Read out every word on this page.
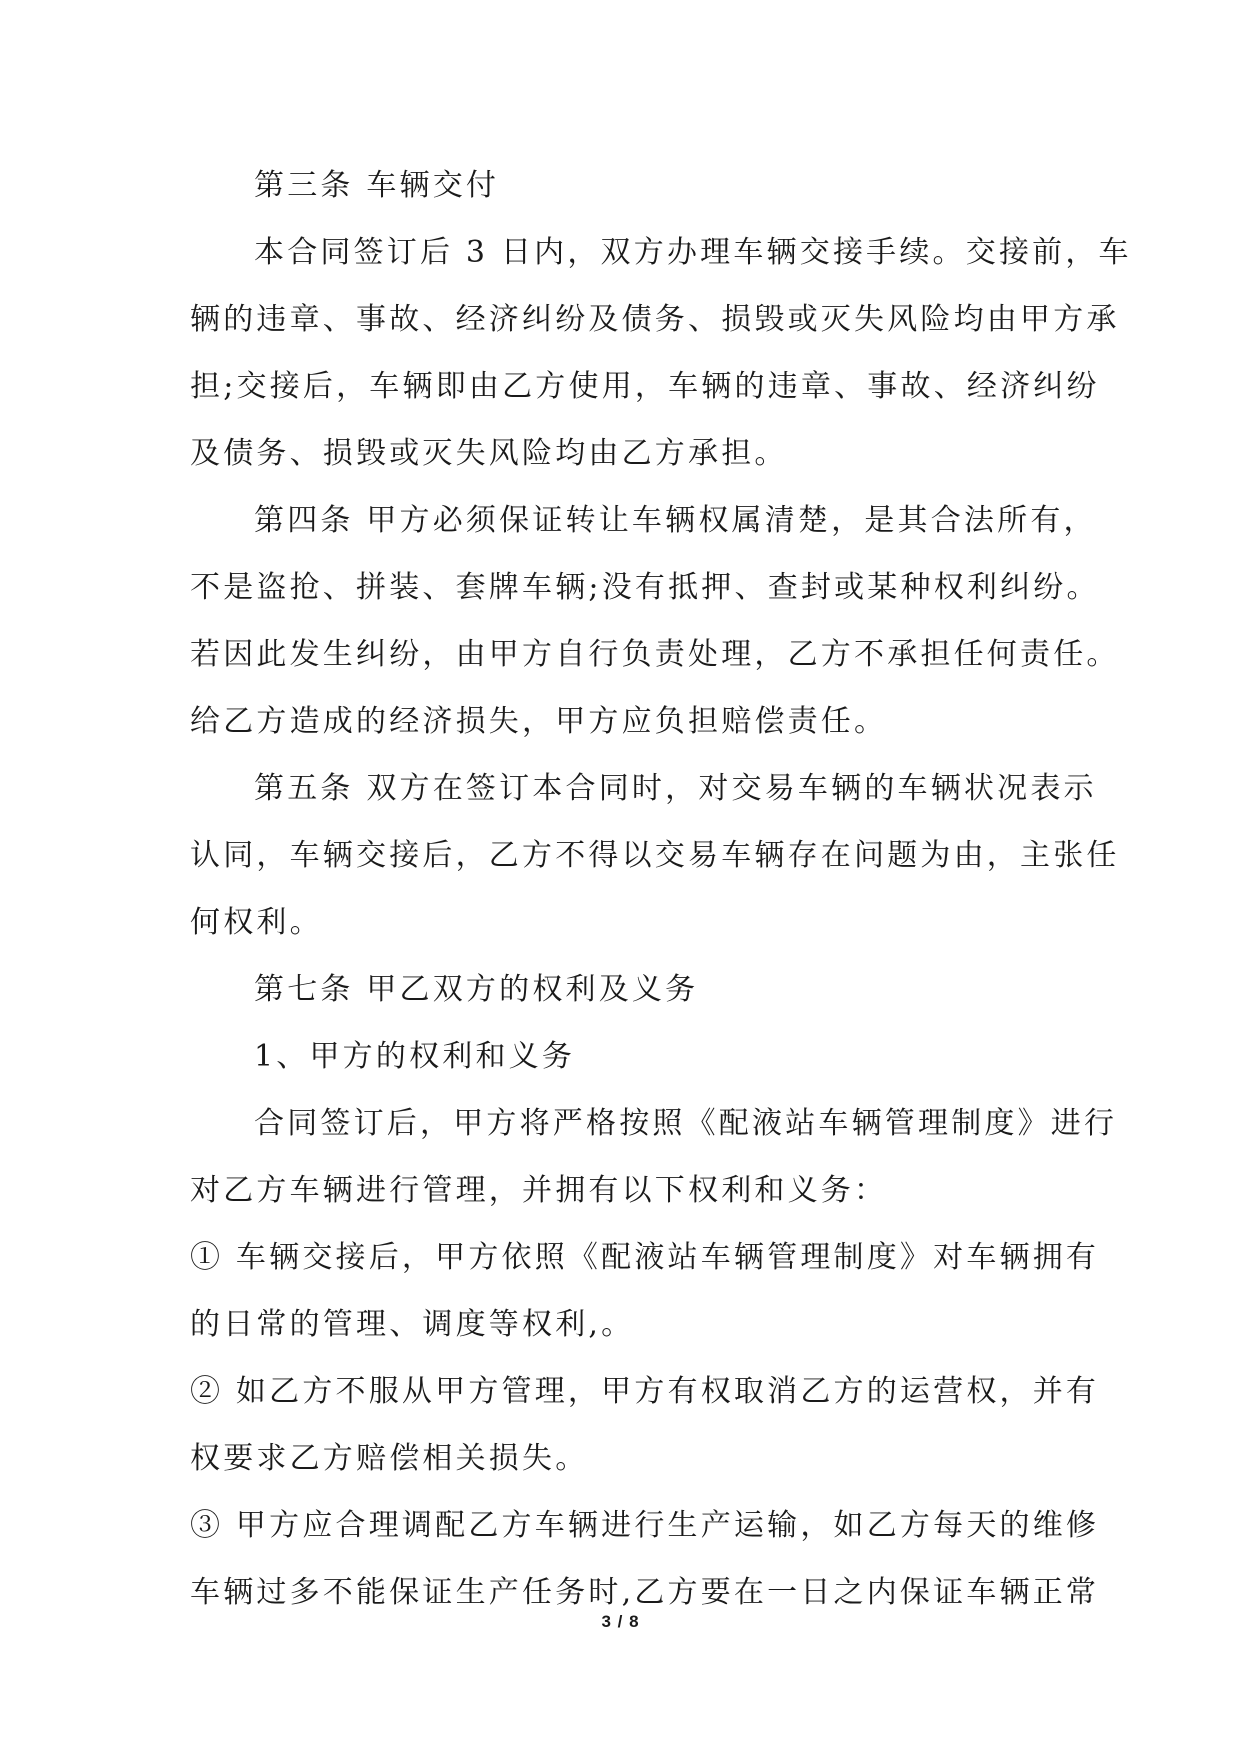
第三条 车辆交付
本合同签订后 3 日内，双方办理车辆交接手续。交接前，车
辆的违章、事故、经济纠纷及债务、损毁或灭失风险均由甲方承
担;交接后，车辆即由乙方使用，车辆的违章、事故、经济纠纷
及债务、损毁或灭失风险均由乙方承担。
第四条 甲方必须保证转让车辆权属清楚，是其合法所有，
不是盗抢、拼装、套牌车辆;没有抵押、查封或某种权利纠纷。
若因此发生纠纷，由甲方自行负责处理，乙方不承担任何责任。
给乙方造成的经济损失，甲方应负担赔偿责任。
第五条 双方在签订本合同时，对交易车辆的车辆状况表示
认同，车辆交接后，乙方不得以交易车辆存在问题为由，主张任
何权利。
第七条 甲乙双方的权利及义务
1、甲方的权利和义务
合同签订后，甲方将严格按照《配液站车辆管理制度》进行
对乙方车辆进行管理，并拥有以下权利和义务：
① 车辆交接后，甲方依照《配液站车辆管理制度》对车辆拥有
的日常的管理、调度等权利,。
② 如乙方不服从甲方管理，甲方有权取消乙方的运营权，并有
权要求乙方赔偿相关损失。
③ 甲方应合理调配乙方车辆进行生产运输，如乙方每天的维修
车辆过多不能保证生产任务时,乙方要在一日之内保证车辆正常
3 / 8
